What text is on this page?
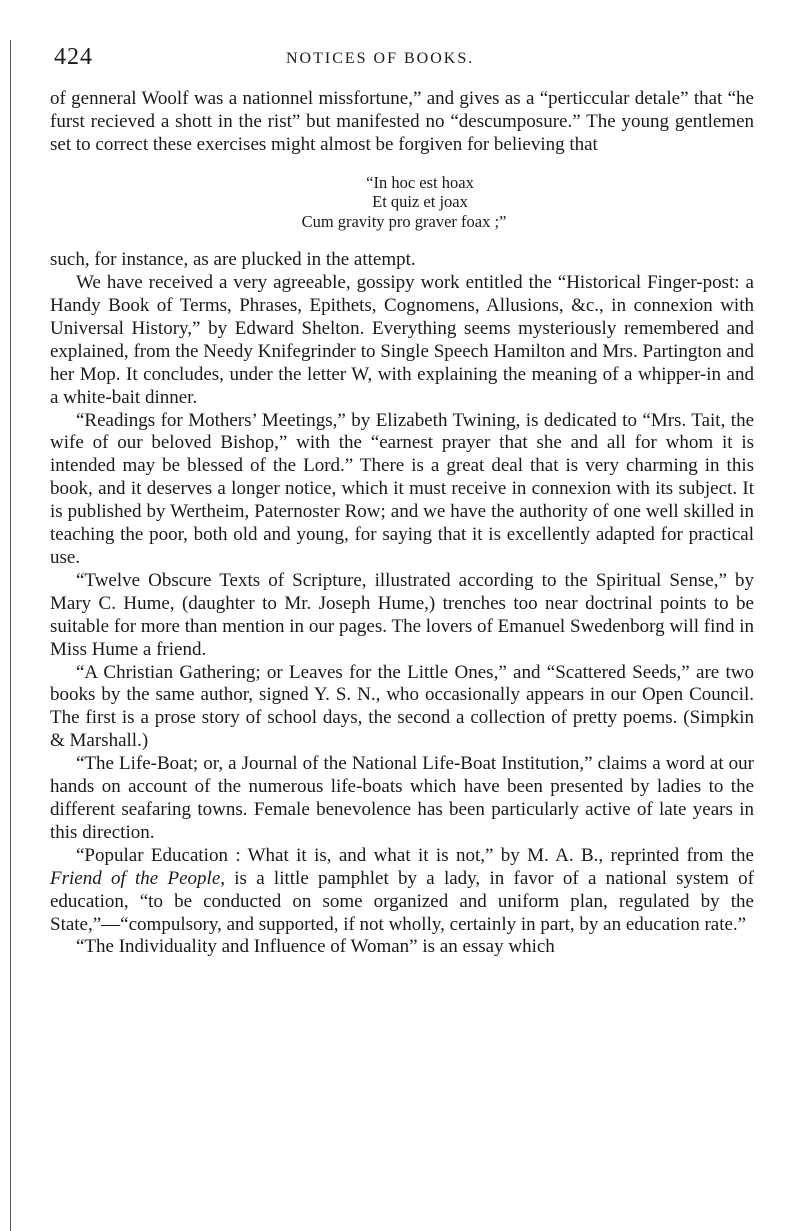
424	NOTICES OF BOOKS.

of genneral Woolf was a nationnel missfortune,” and gives as a “perticcular detale” that “he furst recieved a shott in the rist” but manifested no “descumposure.” The young gentlemen set to correct these exercises might almost be forgiven for believing that

“In hoc est hoax
Et quiz et joax
Cum gravity pro graver foax ;”

such, for instance, as are plucked in the attempt.

We have received a very agreeable, gossipy work entitled the “Historical Finger-post: a Handy Book of Terms, Phrases, Epithets, Cognomens, Allusions, &c., in connexion with Universal History,” by Edward Shelton. Everything seems mysteriously remembered and explained, from the Needy Knifegrinder to Single Speech Hamilton and Mrs. Partington and her Mop. It concludes, under the letter W, with explaining the meaning of a whipper-in and a white-bait dinner.

“Readings for Mothers’ Meetings,” by Elizabeth Twining, is dedicated to “Mrs. Tait, the wife of our beloved Bishop,” with the “earnest prayer that she and all for whom it is intended may be blessed of the Lord.” There is a great deal that is very charming in this book, and it deserves a longer notice, which it must receive in connexion with its subject. It is published by Wertheim, Paternoster Row; and we have the authority of one well skilled in teaching the poor, both old and young, for saying that it is excellently adapted for practical use.

“Twelve Obscure Texts of Scripture, illustrated according to the Spiritual Sense,” by Mary C. Hume, (daughter to Mr. Joseph Hume,) trenches too near doctrinal points to be suitable for more than mention in our pages. The lovers of Emanuel Swedenborg will find in Miss Hume a friend.

“A Christian Gathering; or Leaves for the Little Ones,” and “Scattered Seeds,” are two books by the same author, signed Y. S. N., who occasionally appears in our Open Council. The first is a prose story of school days, the second a collection of pretty poems. (Simpkin & Marshall.)

“The Life-Boat; or, a Journal of the National Life-Boat Institution,” claims a word at our hands on account of the numerous life-boats which have been presented by ladies to the different seafaring towns. Female benevolence has been particularly active of late years in this direction.

“Popular Education : What it is, and what it is not,” by M. A. B., reprinted from the Friend of the People, is a little pamphlet by a lady, in favor of a national system of education, “to be conducted on some organized and uniform plan, regulated by the State,”—“compulsory, and supported, if not wholly, certainly in part, by an education rate.”

“The Individuality and Influence of Woman” is an essay which
